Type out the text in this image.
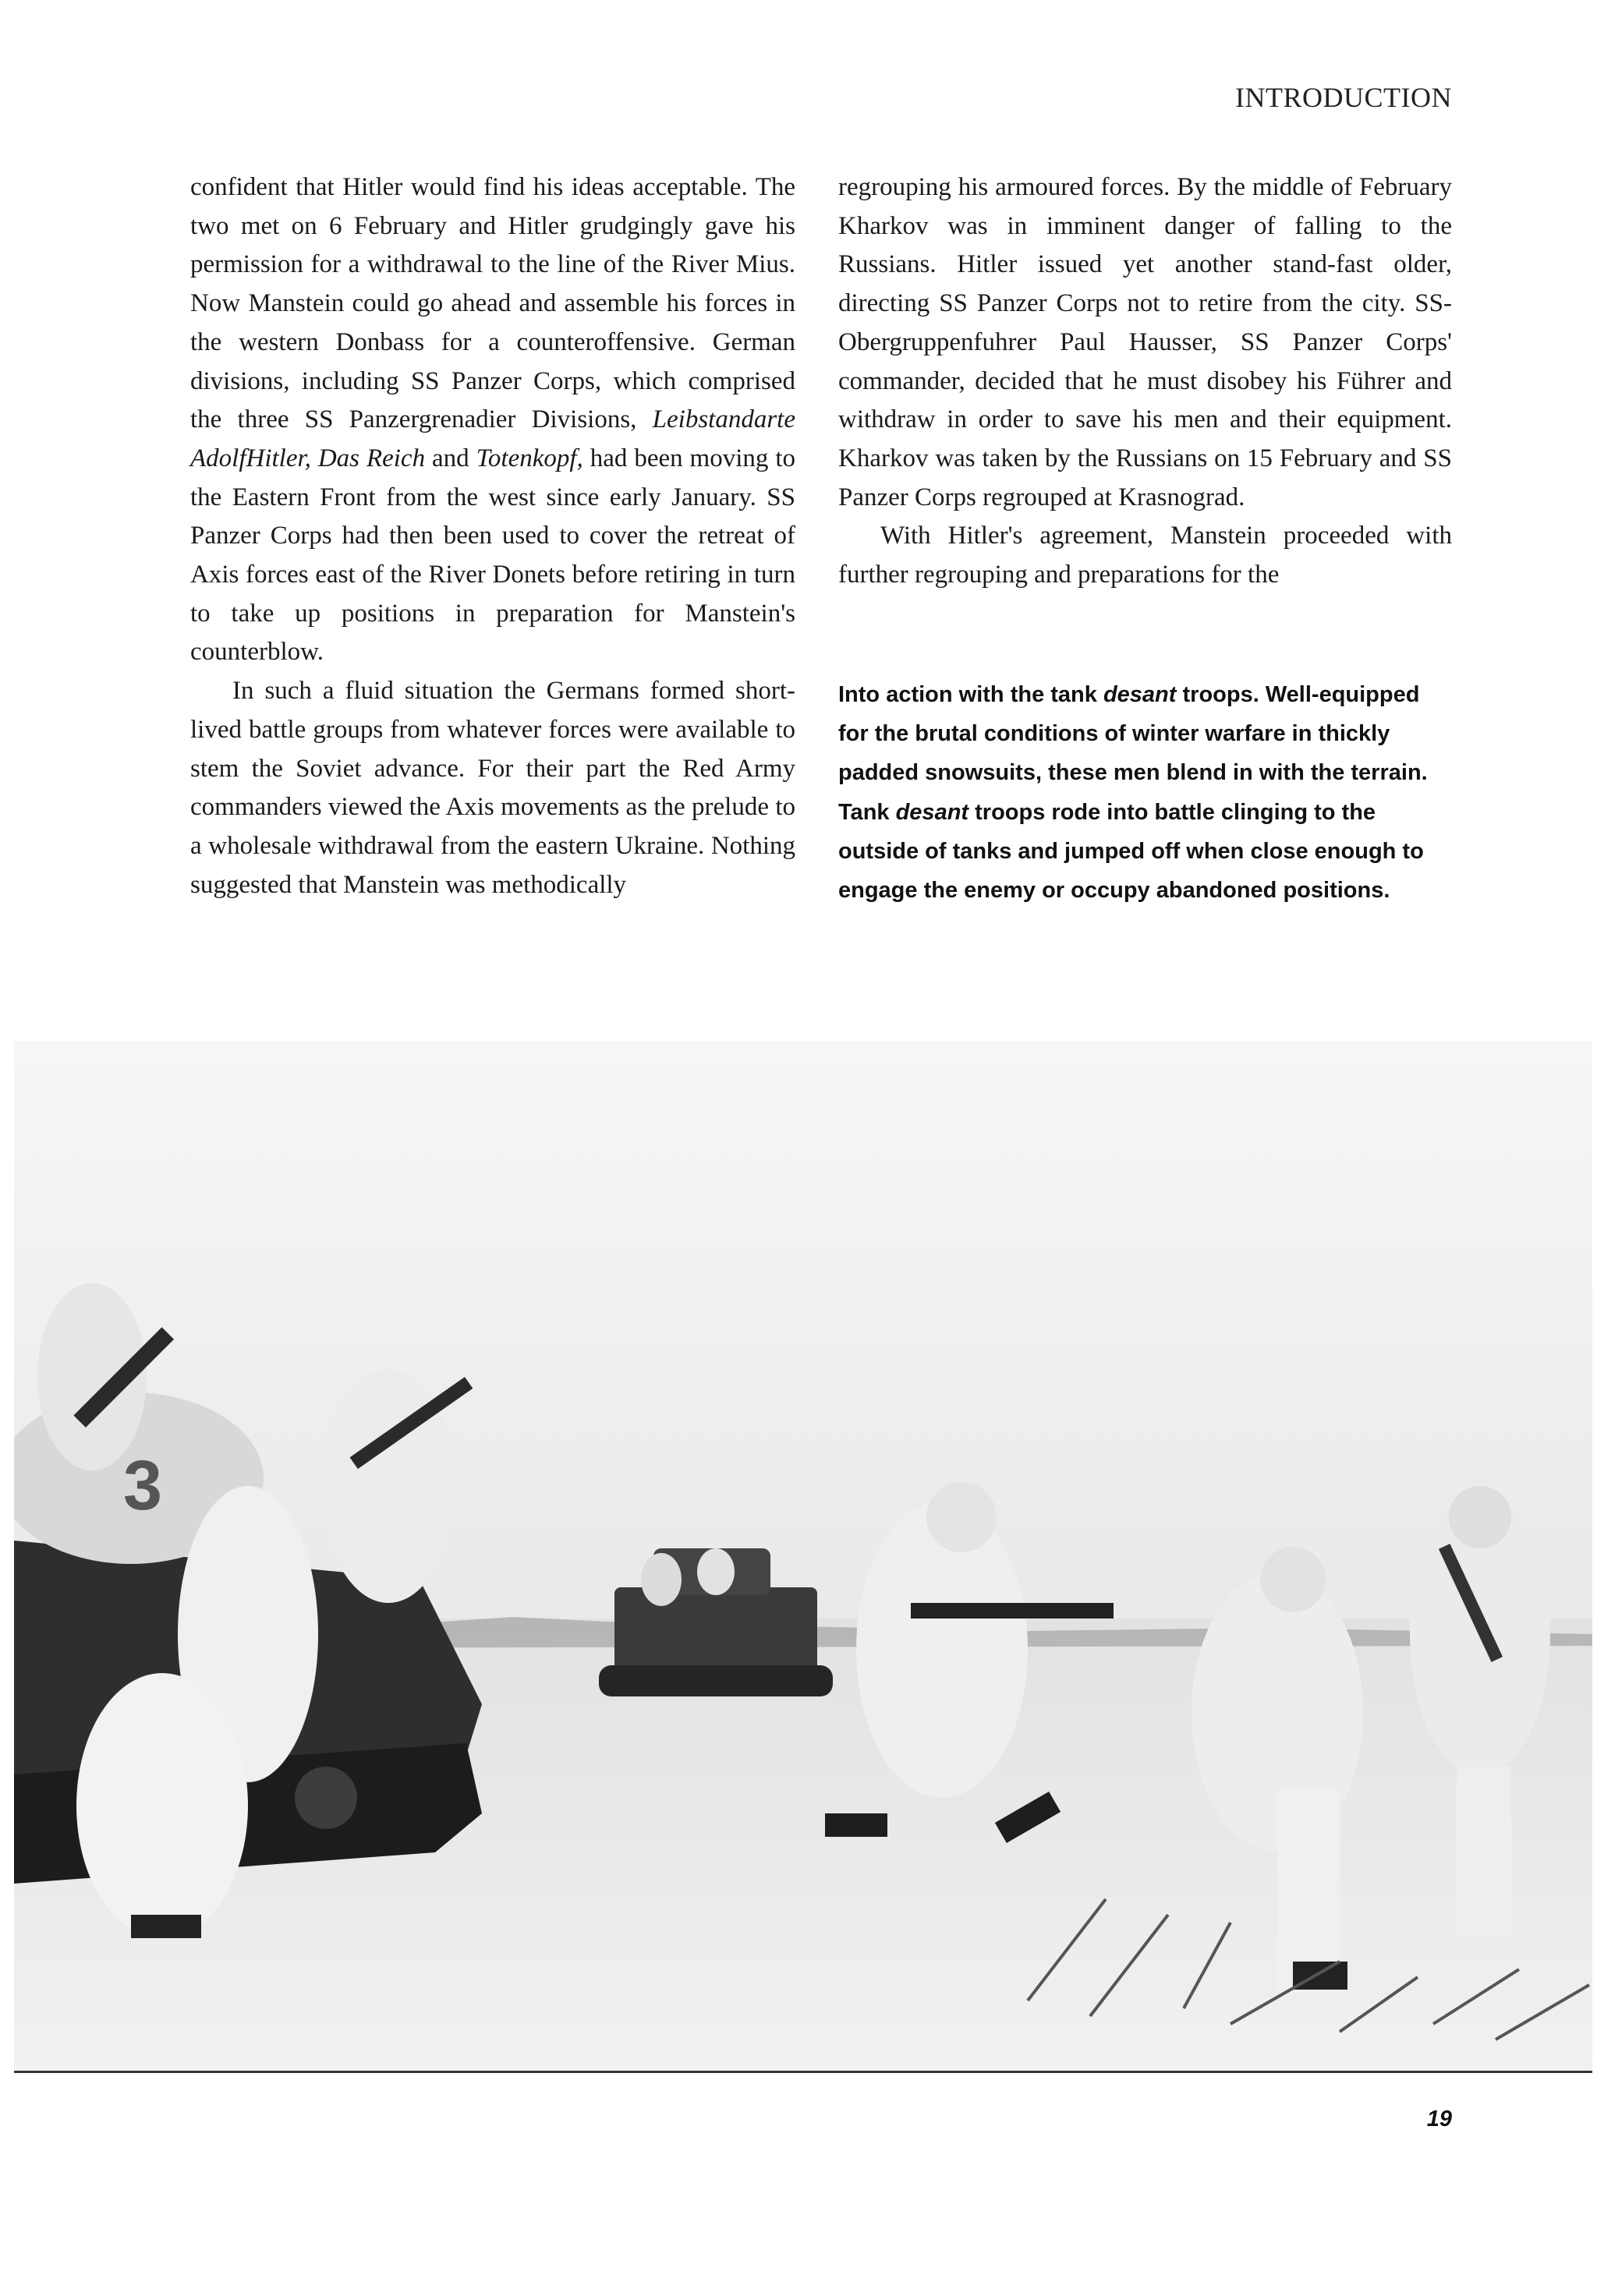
INTRODUCTION

confident that Hitler would find his ideas acceptable. The two met on 6 February and Hitler grudgingly gave his permission for a withdrawal to the line of the River Mius. Now Manstein could go ahead and assemble his forces in the western Donbass for a counteroffensive. German divisions, including SS Panzer Corps, which comprised the three SS Panzergrenadier Divisions, Leibstandarte AdolfHitler, Das Reich and Totenkopf, had been moving to the Eastern Front from the west since early January. SS Panzer Corps had then been used to cover the retreat of Axis forces east of the River Donets before retiring in turn to take up positions in preparation for Manstein's counterblow.

In such a fluid situation the Germans formed short-lived battle groups from whatever forces were available to stem the Soviet advance. For their part the Red Army commanders viewed the Axis movements as the prelude to a wholesale withdrawal from the eastern Ukraine. Nothing suggested that Manstein was methodically

regrouping his armoured forces. By the middle of February Kharkov was in imminent danger of falling to the Russians. Hitler issued yet another stand-fast older, directing SS Panzer Corps not to retire from the city. SS-Obergruppenfuhrer Paul Hausser, SS Panzer Corps' commander, decided that he must disobey his Führer and withdraw in order to save his men and their equipment. Kharkov was taken by the Russians on 15 February and SS Panzer Corps regrouped at Krasnograd.

With Hitler's agreement, Manstein proceeded with further regrouping and preparations for the

Into action with the tank desant troops. Well-equipped for the brutal conditions of winter warfare in thickly padded snowsuits, these men blend in with the terrain. Tank desant troops rode into battle clinging to the outside of tanks and jumped off when close enough to engage the enemy or occupy abandoned positions.
3
19
